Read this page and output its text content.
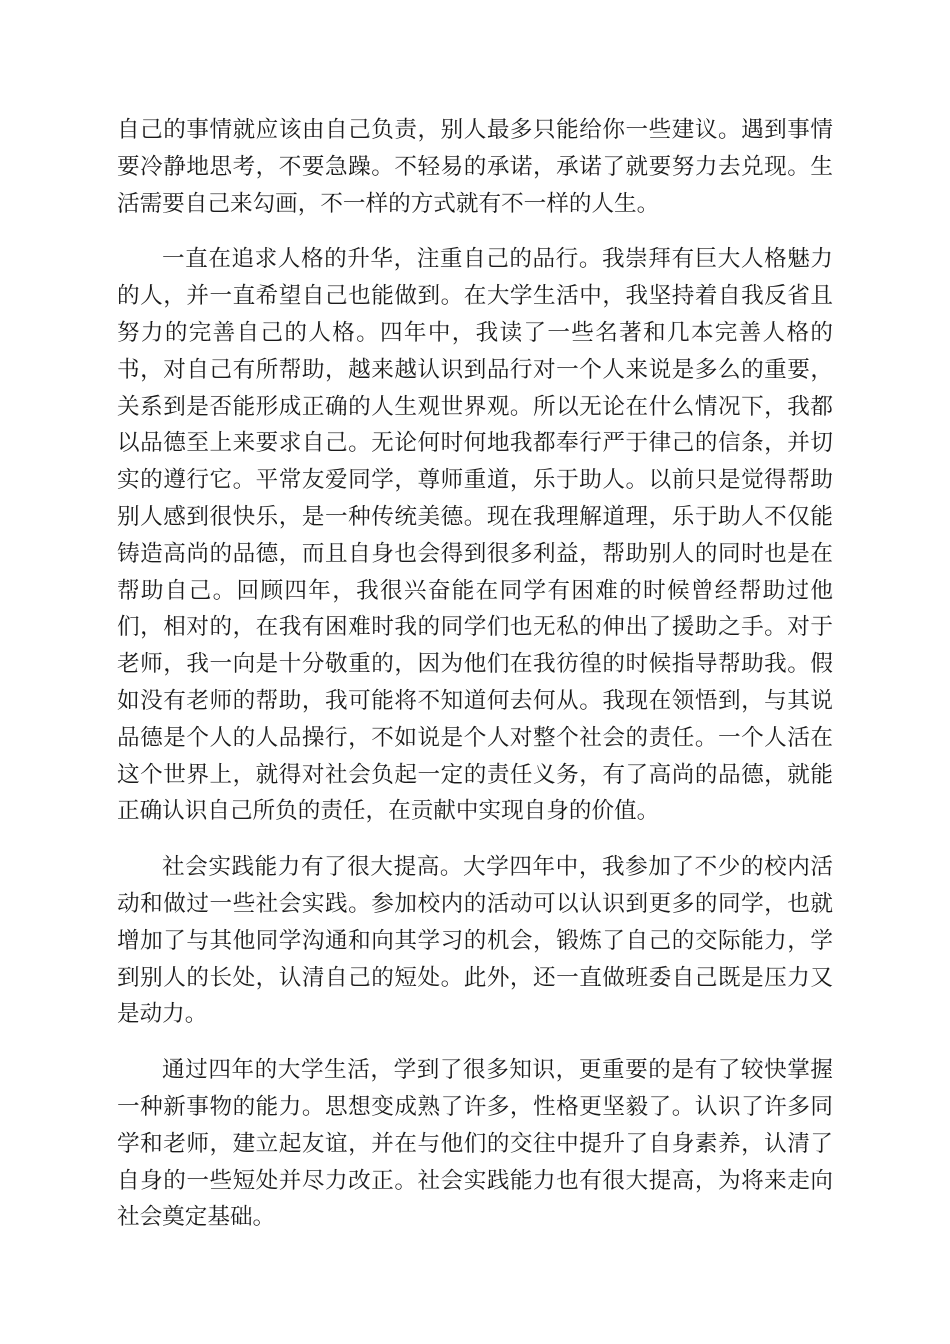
自己的事情就应该由自己负责，别人最多只能给你一些建议。遇到事情要冷静地思考，不要急躁。不轻易的承诺，承诺了就要努力去兑现。生活需要自己来勾画，不一样的方式就有不一样的人生。

一直在追求人格的升华，注重自己的品行。我崇拜有巨大人格魅力的人，并一直希望自己也能做到。在大学生活中，我坚持着自我反省且努力的完善自己的人格。四年中，我读了一些名著和几本完善人格的书，对自己有所帮助，越来越认识到品行对一个人来说是多么的重要，关系到是否能形成正确的人生观世界观。所以无论在什么情况下，我都以品德至上来要求自己。无论何时何地我都奉行严于律己的信条，并切实的遵行它。平常友爱同学，尊师重道，乐于助人。以前只是觉得帮助别人感到很快乐，是一种传统美德。现在我理解道理，乐于助人不仅能铸造高尚的品德，而且自身也会得到很多利益，帮助别人的同时也是在帮助自己。回顾四年，我很兴奋能在同学有困难的时候曾经帮助过他们，相对的，在我有困难时我的同学们也无私的伸出了援助之手。对于老师，我一向是十分敬重的，因为他们在我彷徨的时候指导帮助我。假如没有老师的帮助，我可能将不知道何去何从。我现在领悟到，与其说品德是个人的人品操行，不如说是个人对整个社会的责任。一个人活在这个世界上，就得对社会负起一定的责任义务，有了高尚的品德，就能正确认识自己所负的责任，在贡献中实现自身的价值。

社会实践能力有了很大提高。大学四年中，我参加了不少的校内活动和做过一些社会实践。参加校内的活动可以认识到更多的同学，也就增加了与其他同学沟通和向其学习的机会，锻炼了自己的交际能力，学到别人的长处，认清自己的短处。此外，还一直做班委自己既是压力又是动力。

通过四年的大学生活，学到了很多知识，更重要的是有了较快掌握一种新事物的能力。思想变成熟了许多，性格更坚毅了。认识了许多同学和老师，建立起友谊，并在与他们的交往中提升了自身素养，认清了自身的一些短处并尽力改正。社会实践能力也有很大提高，为将来走向社会奠定基础。
